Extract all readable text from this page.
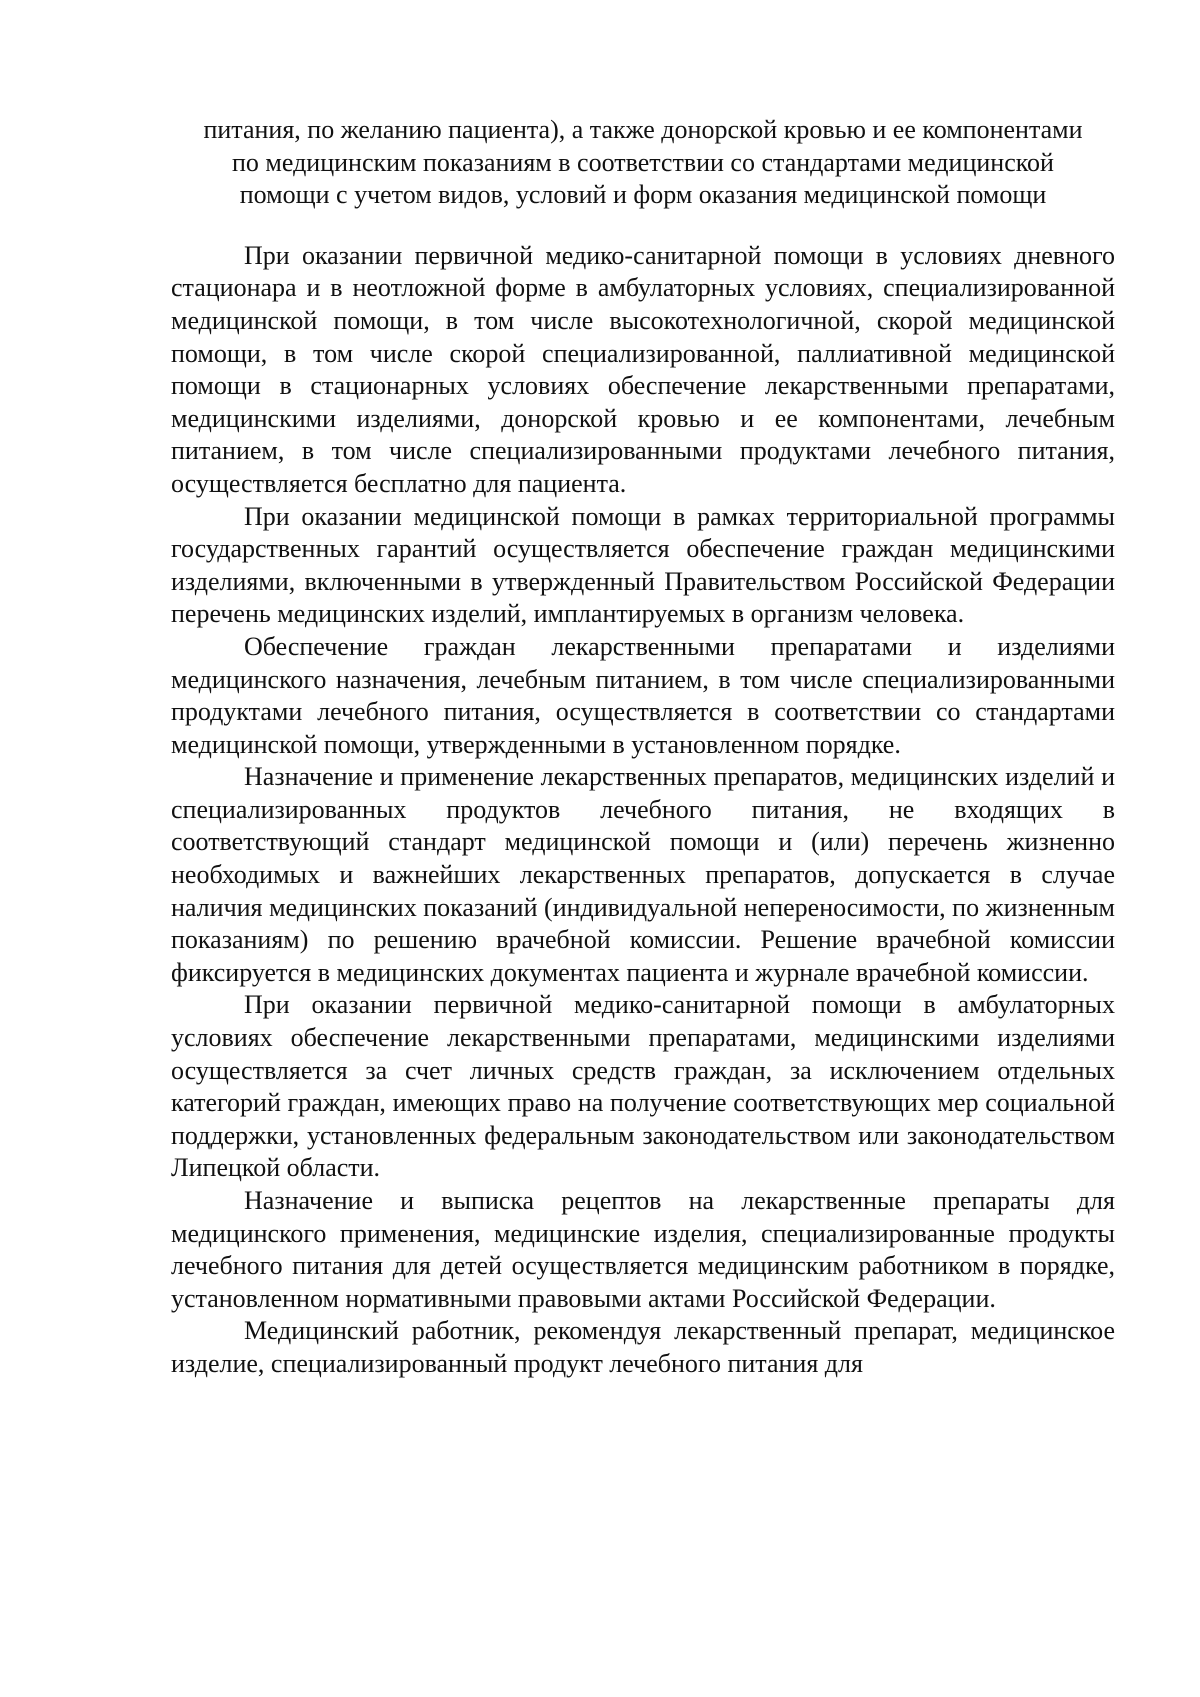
питания, по желанию пациента), а также донорской кровью и ее компонентами по медицинским показаниям в соответствии со стандартами медицинской помощи с учетом видов, условий и форм оказания медицинской помощи

При оказании первичной медико-санитарной помощи в условиях дневного стационара и в неотложной форме в амбулаторных условиях, специализированной медицинской помощи, в том числе высокотехнологичной, скорой медицинской помощи, в том числе скорой специализированной, паллиативной медицинской помощи в стационарных условиях обеспечение лекарственными препаратами, медицинскими изделиями, донорской кровью и ее компонентами, лечебным питанием, в том числе специализированными продуктами лечебного питания, осуществляется бесплатно для пациента.

При оказании медицинской помощи в рамках территориальной программы государственных гарантий осуществляется обеспечение граждан медицинскими изделиями, включенными в утвержденный Правительством Российской Федерации перечень медицинских изделий, имплантируемых в организм человека.

Обеспечение граждан лекарственными препаратами и изделиями медицинского назначения, лечебным питанием, в том числе специализированными продуктами лечебного питания, осуществляется в соответствии со стандартами медицинской помощи, утвержденными в установленном порядке.

Назначение и применение лекарственных препаратов, медицинских изделий и специализированных продуктов лечебного питания, не входящих в соответствующий стандарт медицинской помощи и (или) перечень жизненно необходимых и важнейших лекарственных препаратов, допускается в случае наличия медицинских показаний (индивидуальной непереносимости, по жизненным показаниям) по решению врачебной комиссии. Решение врачебной комиссии фиксируется в медицинских документах пациента и журнале врачебной комиссии.

При оказании первичной медико-санитарной помощи в амбулаторных условиях обеспечение лекарственными препаратами, медицинскими изделиями осуществляется за счет личных средств граждан, за исключением отдельных категорий граждан, имеющих право на получение соответствующих мер социальной поддержки, установленных федеральным законодательством или законодательством Липецкой области.

Назначение и выписка рецептов на лекарственные препараты для медицинского применения, медицинские изделия, специализированные продукты лечебного питания для детей осуществляется медицинским работником в порядке, установленном нормативными правовыми актами Российской Федерации.

Медицинский работник, рекомендуя лекарственный препарат, медицинское изделие, специализированный продукт лечебного питания для
